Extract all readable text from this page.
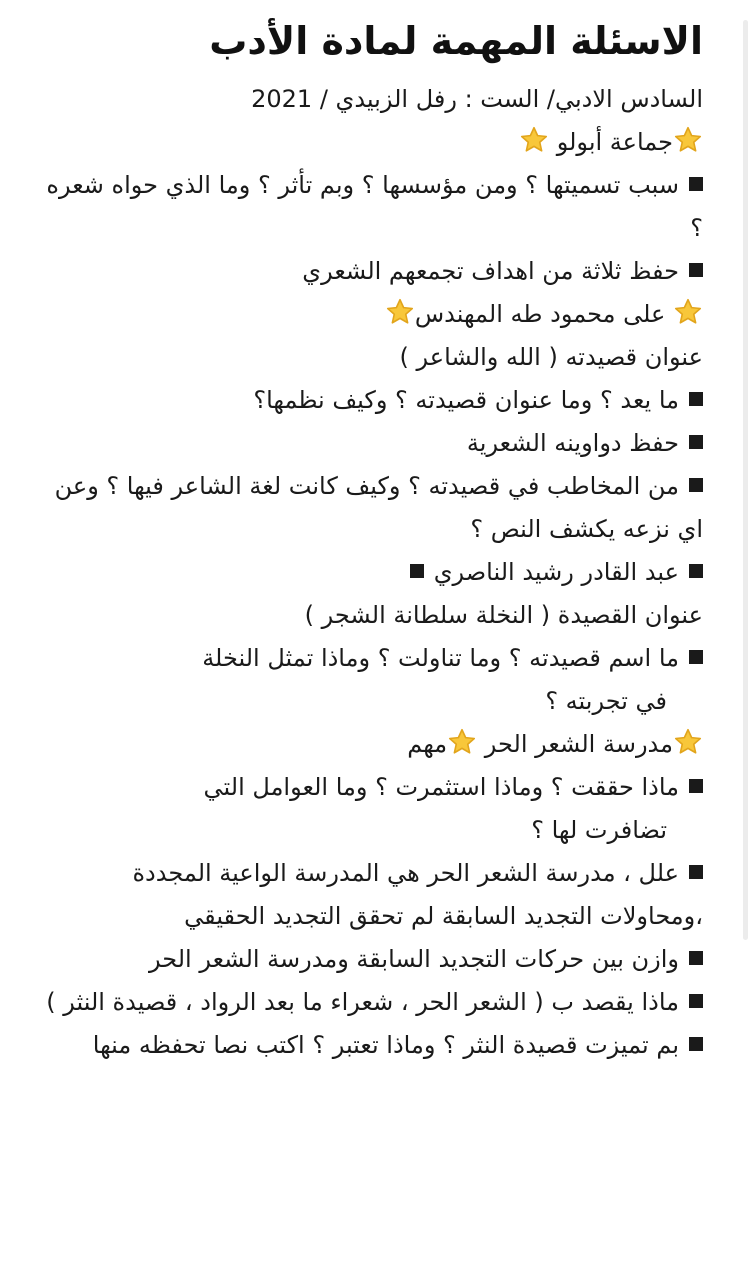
الاسئلة المهمة لمادة الأدب
السادس الادبي/ الست : رفل الزبيدي / 2021
جماعة أبولو
سبب تسميتها ؟ ومن مؤسسها ؟ وبم تأثر ؟ وما الذي حواه شعره ؟
حفظ ثلاثة من اهداف تجمعهم الشعري
على محمود طه المهندس
عنوان قصيدته ( الله والشاعر )
ما يعد ؟ وما عنوان قصيدته ؟ وكيف نظمها؟
حفظ دواوينه الشعرية
من المخاطب في قصيدته ؟ وكيف كانت لغة الشاعر فيها ؟ وعن اي نزعه يكشف النص ؟
عبد القادر رشيد الناصري
عنوان القصيدة ( النخلة سلطانة الشجر )
ما اسم قصيدته ؟ وما تناولت ؟ وماذا تمثل النخلة
في تجربته ؟
مدرسة الشعر الحر مهم
ماذا حققت ؟ وماذا استثمرت ؟ وما العوامل التي
تضافرت لها ؟
علل ، مدرسة الشعر الحر هي المدرسة الواعية المجددة ،ومحاولات التجديد السابقة لم تحقق التجديد الحقيقي
وازن بين حركات التجديد السابقة ومدرسة الشعر الحر
ماذا يقصد ب ( الشعر الحر ، شعراء ما بعد الرواد ، قصيدة النثر )
بم تميزت قصيدة النثر ؟ وماذا تعتبر ؟ اكتب نصا تحفظه منها
